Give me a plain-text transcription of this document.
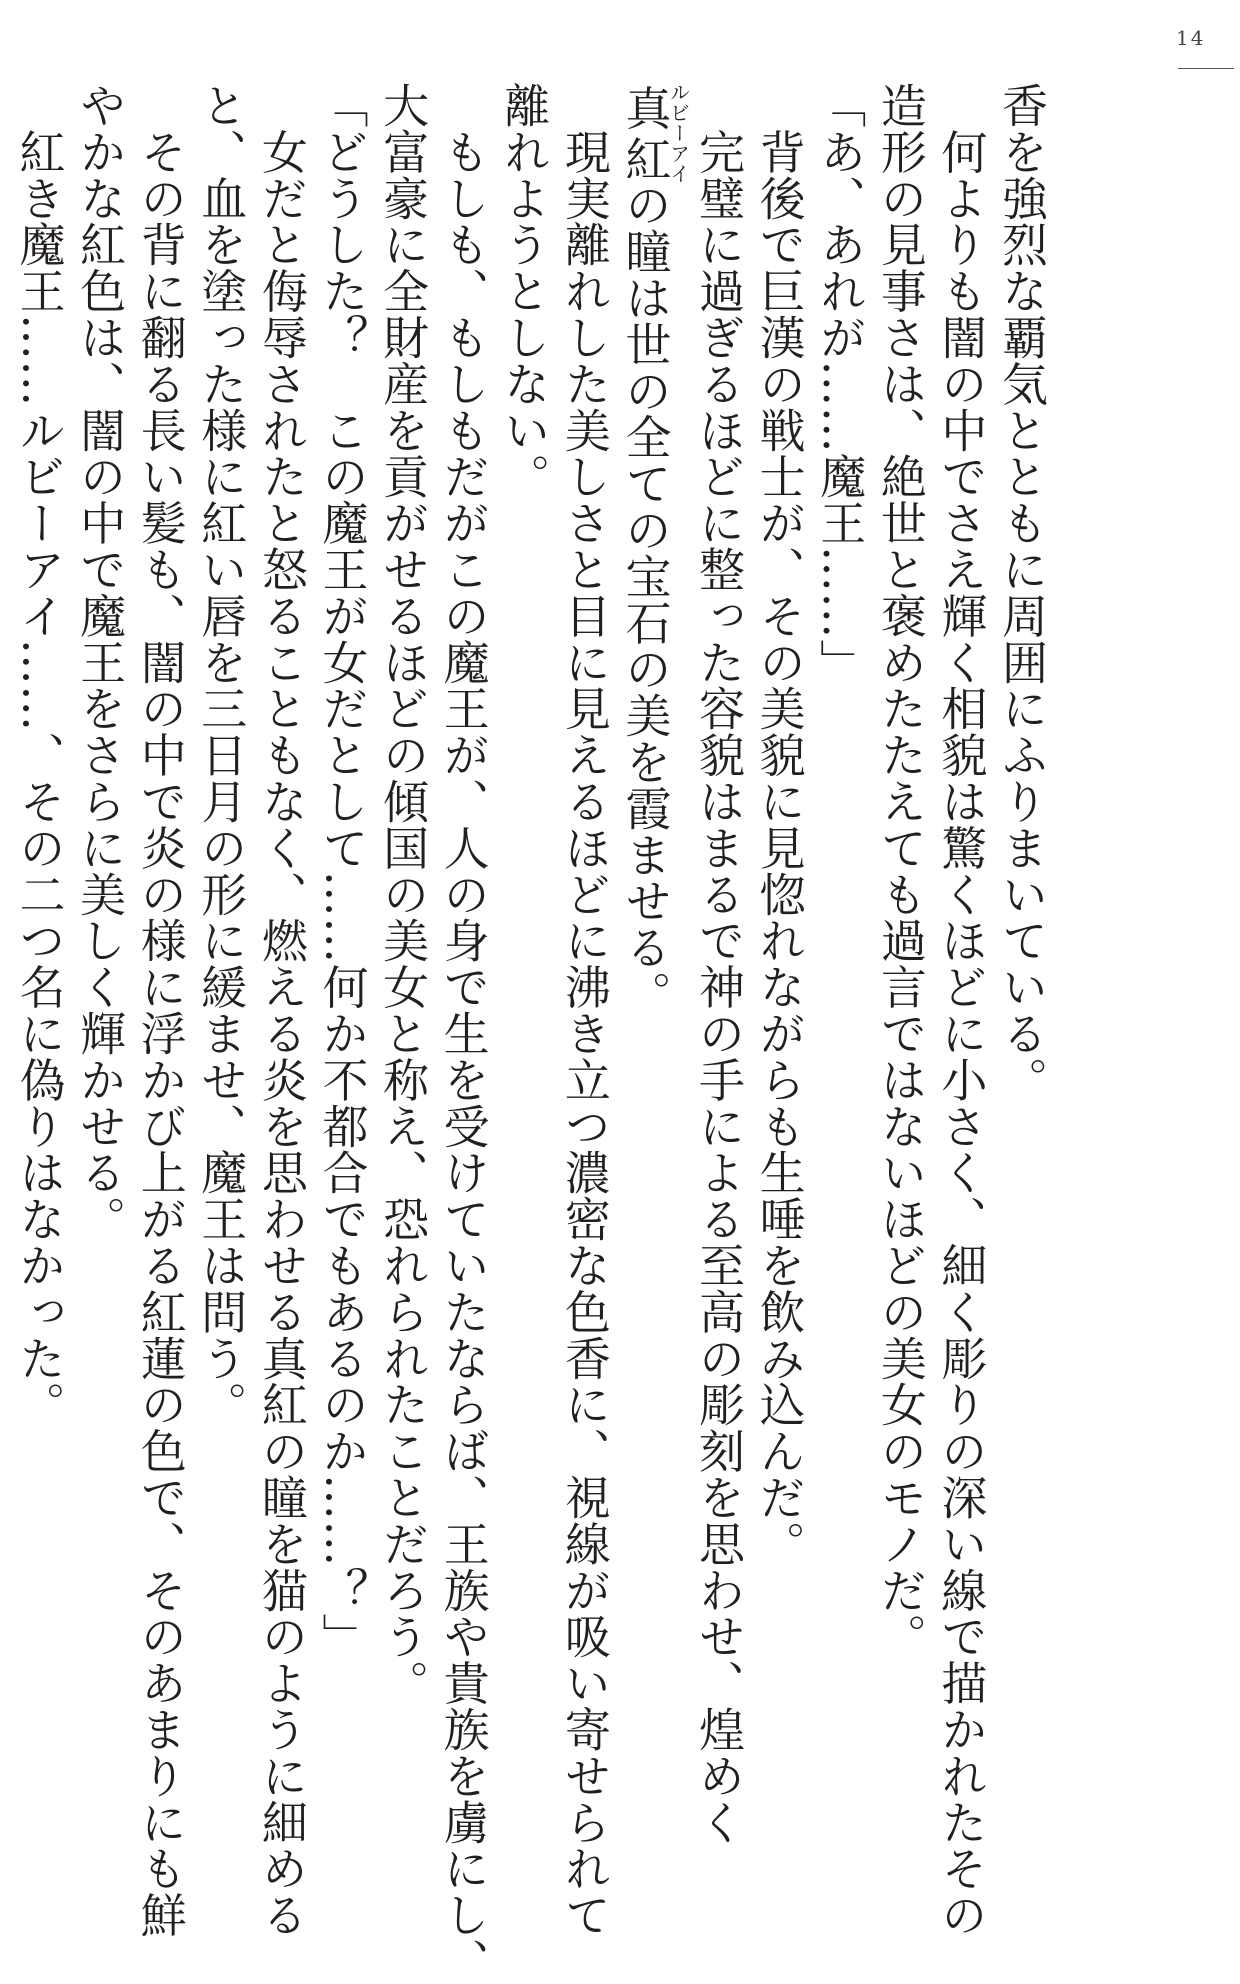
14

香を強烈な覇気とともに周囲にふりまいている。

　何よりも闇の中でさえ輝く相貌は驚くほどに小さく、細く彫りの深い線で描かれたその

造形の見事さは、絶世と褒めたたえても過言ではないほどの美女のモノだ。

「あ、あれが……魔王……」

　背後で巨漢の戦士が、その美貌に見惚れながらも生唾を飲み込んだ。

　完璧に過ぎるほどに整った容貌はまるで神の手による至高の彫刻を思わせ、煌めく

真紅ルビーアイの瞳は世の全ての宝石の美を霞ませる。

　現実離れした美しさと目に見えるほどに沸き立つ濃密な色香に、視線が吸い寄せられて

離れようとしない。

　もしも、もしもだがこの魔王が、人の身で生を受けていたならば、王族や貴族を虜にし、

大富豪に全財産を貢がせるほどの傾国の美女と称え、恐れられたことだろう。

「どうした？　この魔王が女だとして……何か不都合でもあるのか……？」

　女だと侮辱されたと怒ることもなく、燃える炎を思わせる真紅の瞳を猫のように細める

と、血を塗った様に紅い唇を三日月の形に緩ませ、魔王は問う。

　その背に翻る長い髪も、闇の中で炎の様に浮かび上がる紅蓮の色で、そのあまりにも鮮

やかな紅色は、闇の中で魔王をさらに美しく輝かせる。

　紅き魔王……ルビーアイ……、その二つ名に偽りはなかった。
